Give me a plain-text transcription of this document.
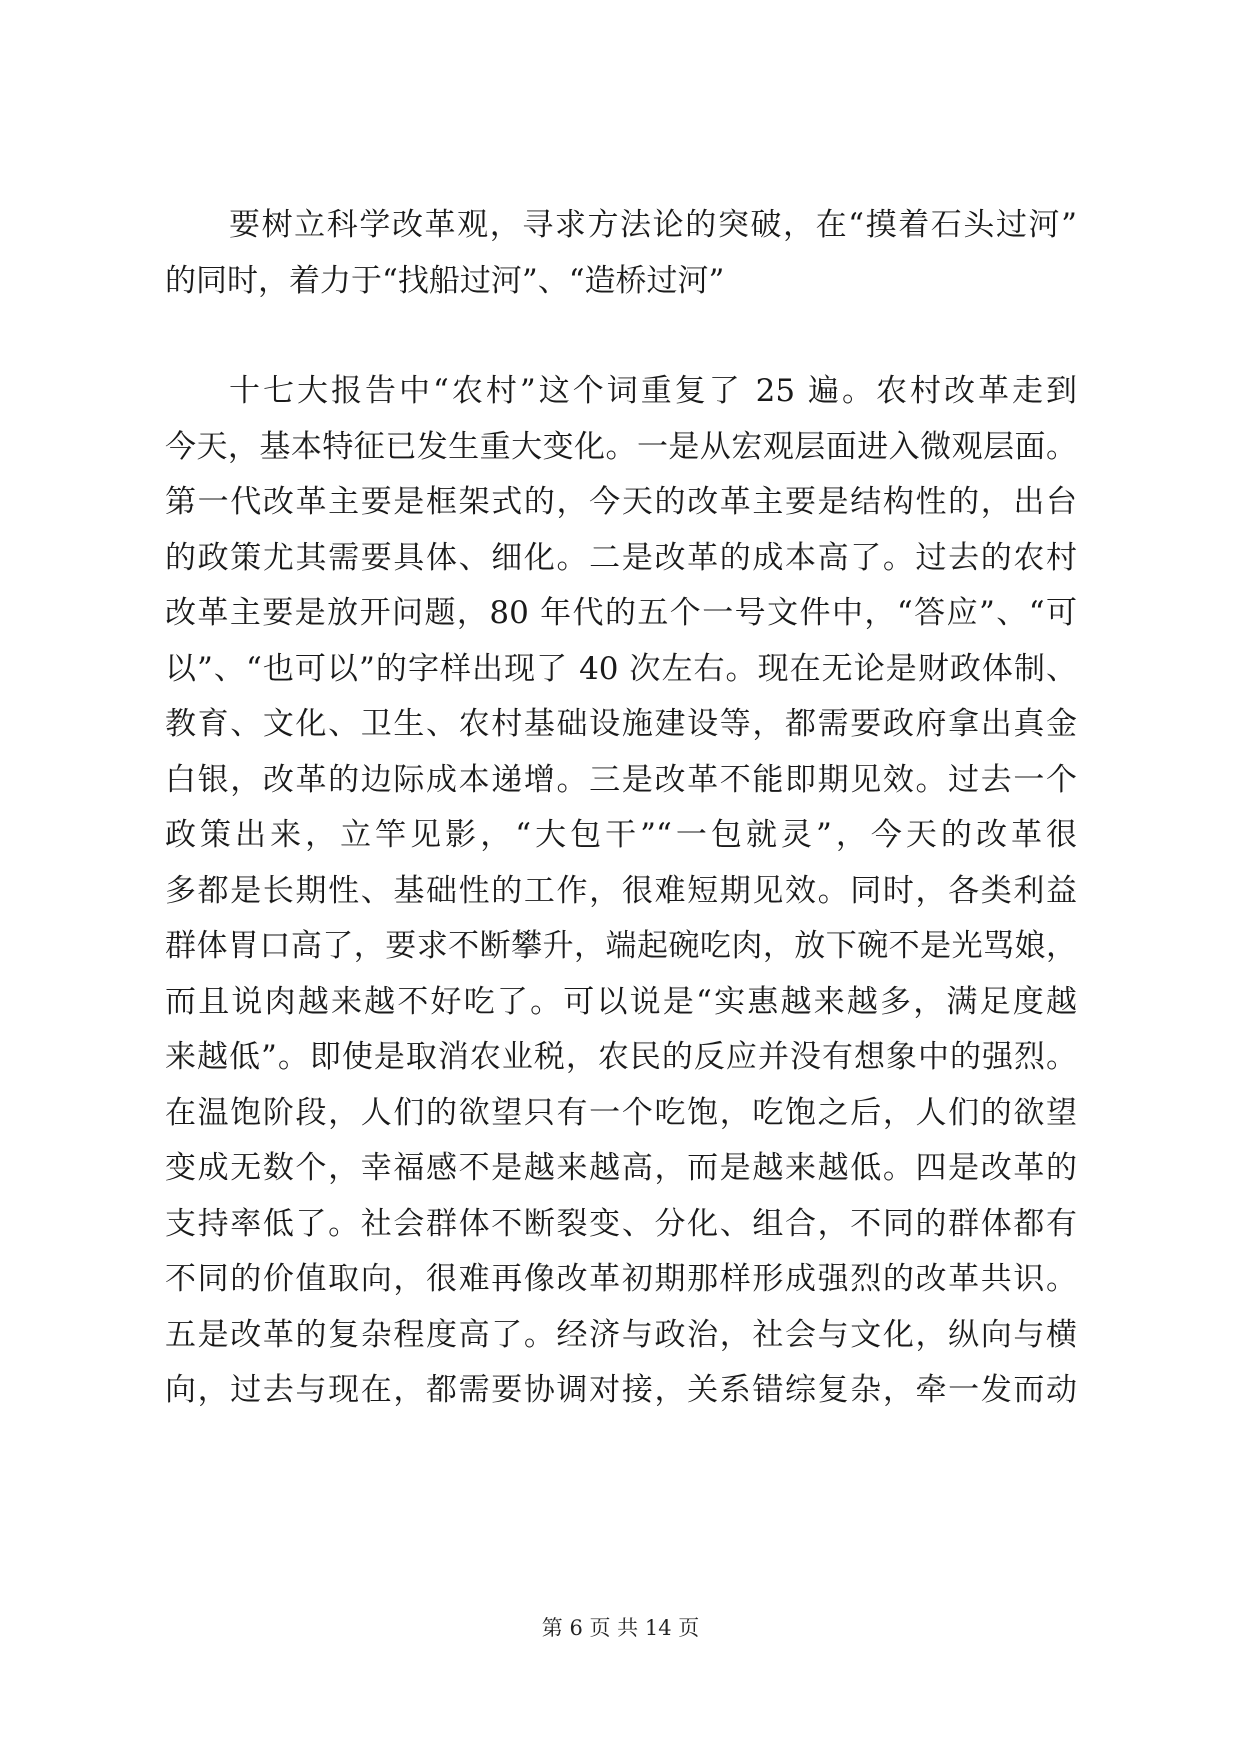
要树立科学改革观，寻求方法论的突破，在“摸着石头过河”
的同时，着力于“找船过河”、“造桥过河”
十七大报告中“农村”这个词重复了 25 遍。农村改革走到
今天，基本特征已发生重大变化。一是从宏观层面进入微观层面。
第一代改革主要是框架式的，今天的改革主要是结构性的，出台
的政策尤其需要具体、细化。二是改革的成本高了。过去的农村
改革主要是放开问题，80 年代的五个一号文件中，“答应”、“可
以”、“也可以”的字样出现了 40 次左右。现在无论是财政体制、
教育、文化、卫生、农村基础设施建设等，都需要政府拿出真金
白银，改革的边际成本递增。三是改革不能即期见效。过去一个
政策出来，立竿见影，“大包干”“一包就灵”，今天的改革很
多都是长期性、基础性的工作，很难短期见效。同时，各类利益
群体胃口高了，要求不断攀升，端起碗吃肉，放下碗不是光骂娘，
而且说肉越来越不好吃了。可以说是“实惠越来越多，满足度越
来越低”。即使是取消农业税，农民的反应并没有想象中的强烈。
在温饱阶段，人们的欲望只有一个吃饱，吃饱之后，人们的欲望
变成无数个，幸福感不是越来越高，而是越来越低。四是改革的
支持率低了。社会群体不断裂变、分化、组合，不同的群体都有
不同的价值取向，很难再像改革初期那样形成强烈的改革共识。
五是改革的复杂程度高了。经济与政治，社会与文化，纵向与横
向，过去与现在，都需要协调对接，关系错综复杂，牵一发而动
第 6 页 共 14 页
